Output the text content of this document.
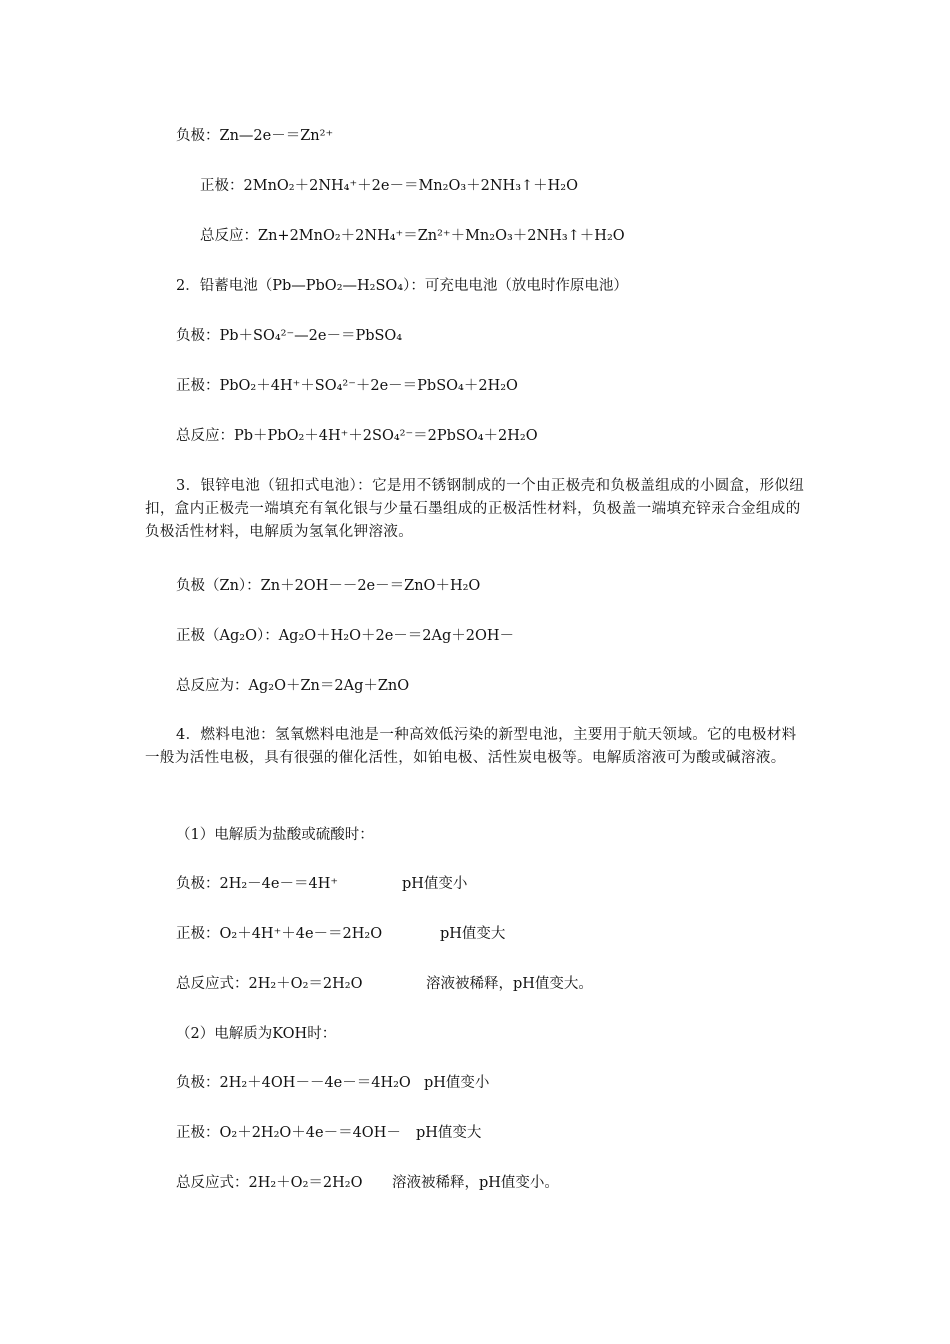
负极：Zn—2e－＝Zn²⁺
正极：2MnO₂＋2NH₄⁺＋2e－＝Mn₂O₃＋2NH₃↑＋H₂O
总反应：Zn+2MnO₂＋2NH₄⁺＝Zn²⁺＋Mn₂O₃＋2NH₃↑＋H₂O
2．铅蓄电池（Pb—PbO₂—H₂SO₄）：可充电电池（放电时作原电池）
负极：Pb＋SO₄²⁻—2e－＝PbSO₄
正极：PbO₂＋4H⁺＋SO₄²⁻＋2e－＝PbSO₄＋2H₂O
总反应：Pb＋PbO₂＋4H⁺＋2SO₄²⁻＝2PbSO₄＋2H₂O
3．银锌电池（钮扣式电池）：它是用不锈钢制成的一个由正极壳和负极盖组成的小圆盒，形似纽扣，盒内正极壳一端填充有氧化银与少量石墨组成的正极活性材料，负极盖一端填充锌汞合金组成的负极活性材料，电解质为氢氧化钾溶液。
负极（Zn）：Zn＋2OH－－2e－＝ZnO＋H₂O
正极（Ag₂O）：Ag₂O＋H₂O＋2e－＝2Ag＋2OH－
总反应为：Ag₂O＋Zn＝2Ag＋ZnO
4．燃料电池：氢氧燃料电池是一种高效低污染的新型电池，主要用于航天领域。它的电极材料一般为活性电极，具有很强的催化活性，如铂电极、活性炭电极等。电解质溶液可为酸或碱溶液。
（1）电解质为盐酸或硫酸时：
负极：2H₂－4e－＝4H⁺	pH值变小
正极：O₂＋4H⁺＋4e－＝2H₂O	pH值变大
总反应式：2H₂＋O₂＝2H₂O	溶液被稀释，pH值变大。
（2）电解质为KOH时：
负极：2H₂＋4OH－－4e－＝4H₂O pH值变小
正极：O₂＋2H₂O＋4e－＝4OH－ pH值变大
总反应式：2H₂＋O₂＝2H₂O 溶液被稀释，pH值变小。
